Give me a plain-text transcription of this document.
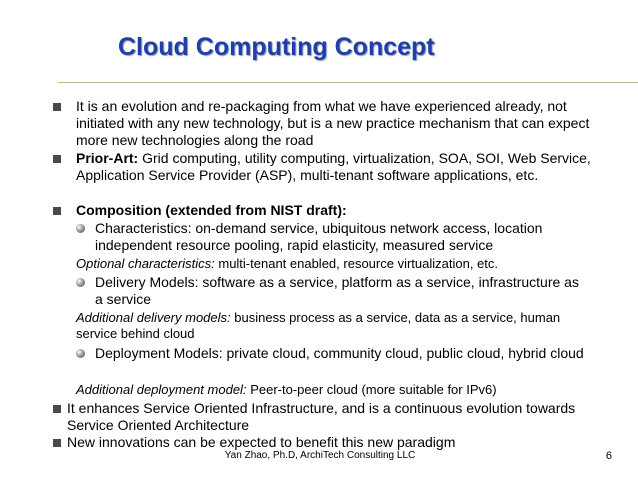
Cloud Computing Concept
It is an evolution and re-packaging from what we have experienced already, not initiated with any new technology, but is a new practice mechanism that can expect more new technologies along the road
Prior-Art: Grid computing, utility computing, virtualization, SOA, SOI, Web Service, Application Service Provider (ASP), multi-tenant software applications, etc.
Composition (extended from NIST draft):
Characteristics: on-demand service, ubiquitous network access, location independent resource pooling, rapid elasticity, measured service
Optional characteristics: multi-tenant enabled, resource virtualization, etc.
Delivery Models: software as a service, platform as a service, infrastructure as a service
Additional delivery models: business process as a service, data as a service, human service behind cloud
Deployment Models: private cloud, community cloud, public cloud, hybrid cloud
Additional deployment model: Peer-to-peer cloud (more suitable for IPv6)
It enhances Service Oriented Infrastructure, and is a continuous evolution towards Service Oriented Architecture
New innovations can be expected to benefit this new paradigm
Yan Zhao, Ph.D, ArchiTech Consulting LLC	6
